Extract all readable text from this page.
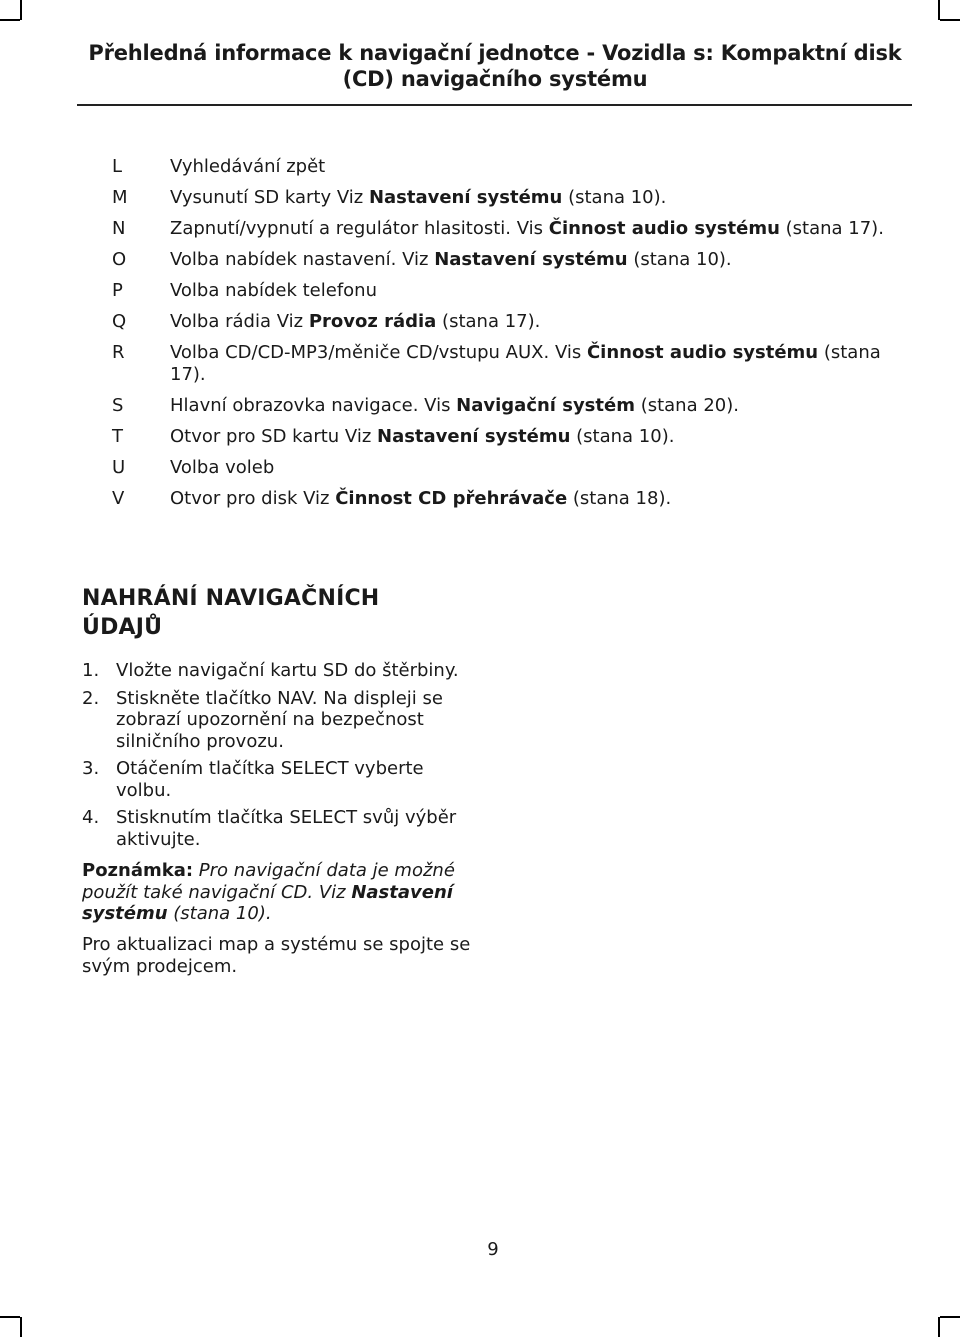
Přehledná informace k navigační jednotce - Vozidla s: Kompaktní disk (CD) navigačního systému
L	Vyhledávání zpět
M	Vysunutí SD karty Viz Nastavení systému (stana 10).
N	Zapnutí/vypnutí a regulátor hlasitosti. Vis Činnost audio systému (stana 17).
O	Volba nabídek nastavení. Viz Nastavení systému (stana 10).
P	Volba nabídek telefonu
Q	Volba rádia Viz Provoz rádia (stana 17).
R	Volba CD/CD-MP3/měniče CD/vstupu AUX. Vis Činnost audio systému (stana 17).
S	Hlavní obrazovka navigace. Vis Navigační systém (stana 20).
T	Otvor pro SD kartu Viz Nastavení systému (stana 10).
U	Volba voleb
V	Otvor pro disk Viz Činnost CD přehrávače (stana 18).
NAHRÁNÍ NAVIGAČNÍCH ÚDAJŮ
1. Vložte navigační kartu SD do štěrbiny.
2. Stiskněte tlačítko NAV. Na displeji se zobrazí upozornění na bezpečnost silničního provozu.
3. Otáčením tlačítka SELECT vyberte volbu.
4. Stisknutím tlačítka SELECT svůj výběr aktivujte.

Poznámka: Pro navigační data je možné použít také navigační CD. Viz Nastavení systému (stana 10).

Pro aktualizaci map a systému se spojte se svým prodejcem.

9
